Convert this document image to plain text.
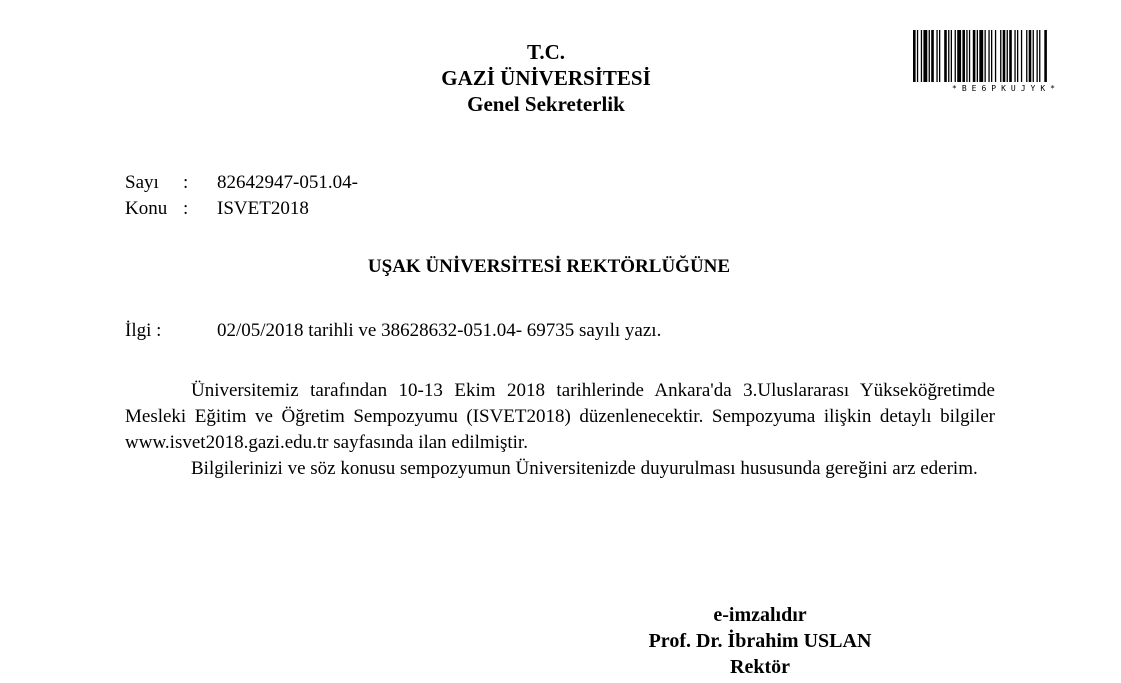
T.C.
GAZİ ÜNİVERSİTESİ
Genel Sekreterlik
*BE6PKUJYK*
Sayı : 82642947-051.04-
Konu : ISVET2018
UŞAK ÜNİVERSİTESİ REKTÖRLÜĞÜNE
İlgi :	02/05/2018 tarihli ve 38628632-051.04- 69735 sayılı yazı.

Üniversitemiz tarafından 10-13 Ekim 2018 tarihlerinde Ankara'da 3.Uluslararası Yükseköğretimde Mesleki Eğitim ve Öğretim Sempozyumu (ISVET2018) düzenlenecektir. Sempozyuma ilişkin detaylı bilgiler www.isvet2018.gazi.edu.tr sayfasında ilan edilmiştir.

Bilgilerinizi ve söz konusu sempozyumun Üniversitenizde duyurulması hususunda gereğini arz ederim.

e-imzalıdır
Prof. Dr. İbrahim USLAN
Rektör
